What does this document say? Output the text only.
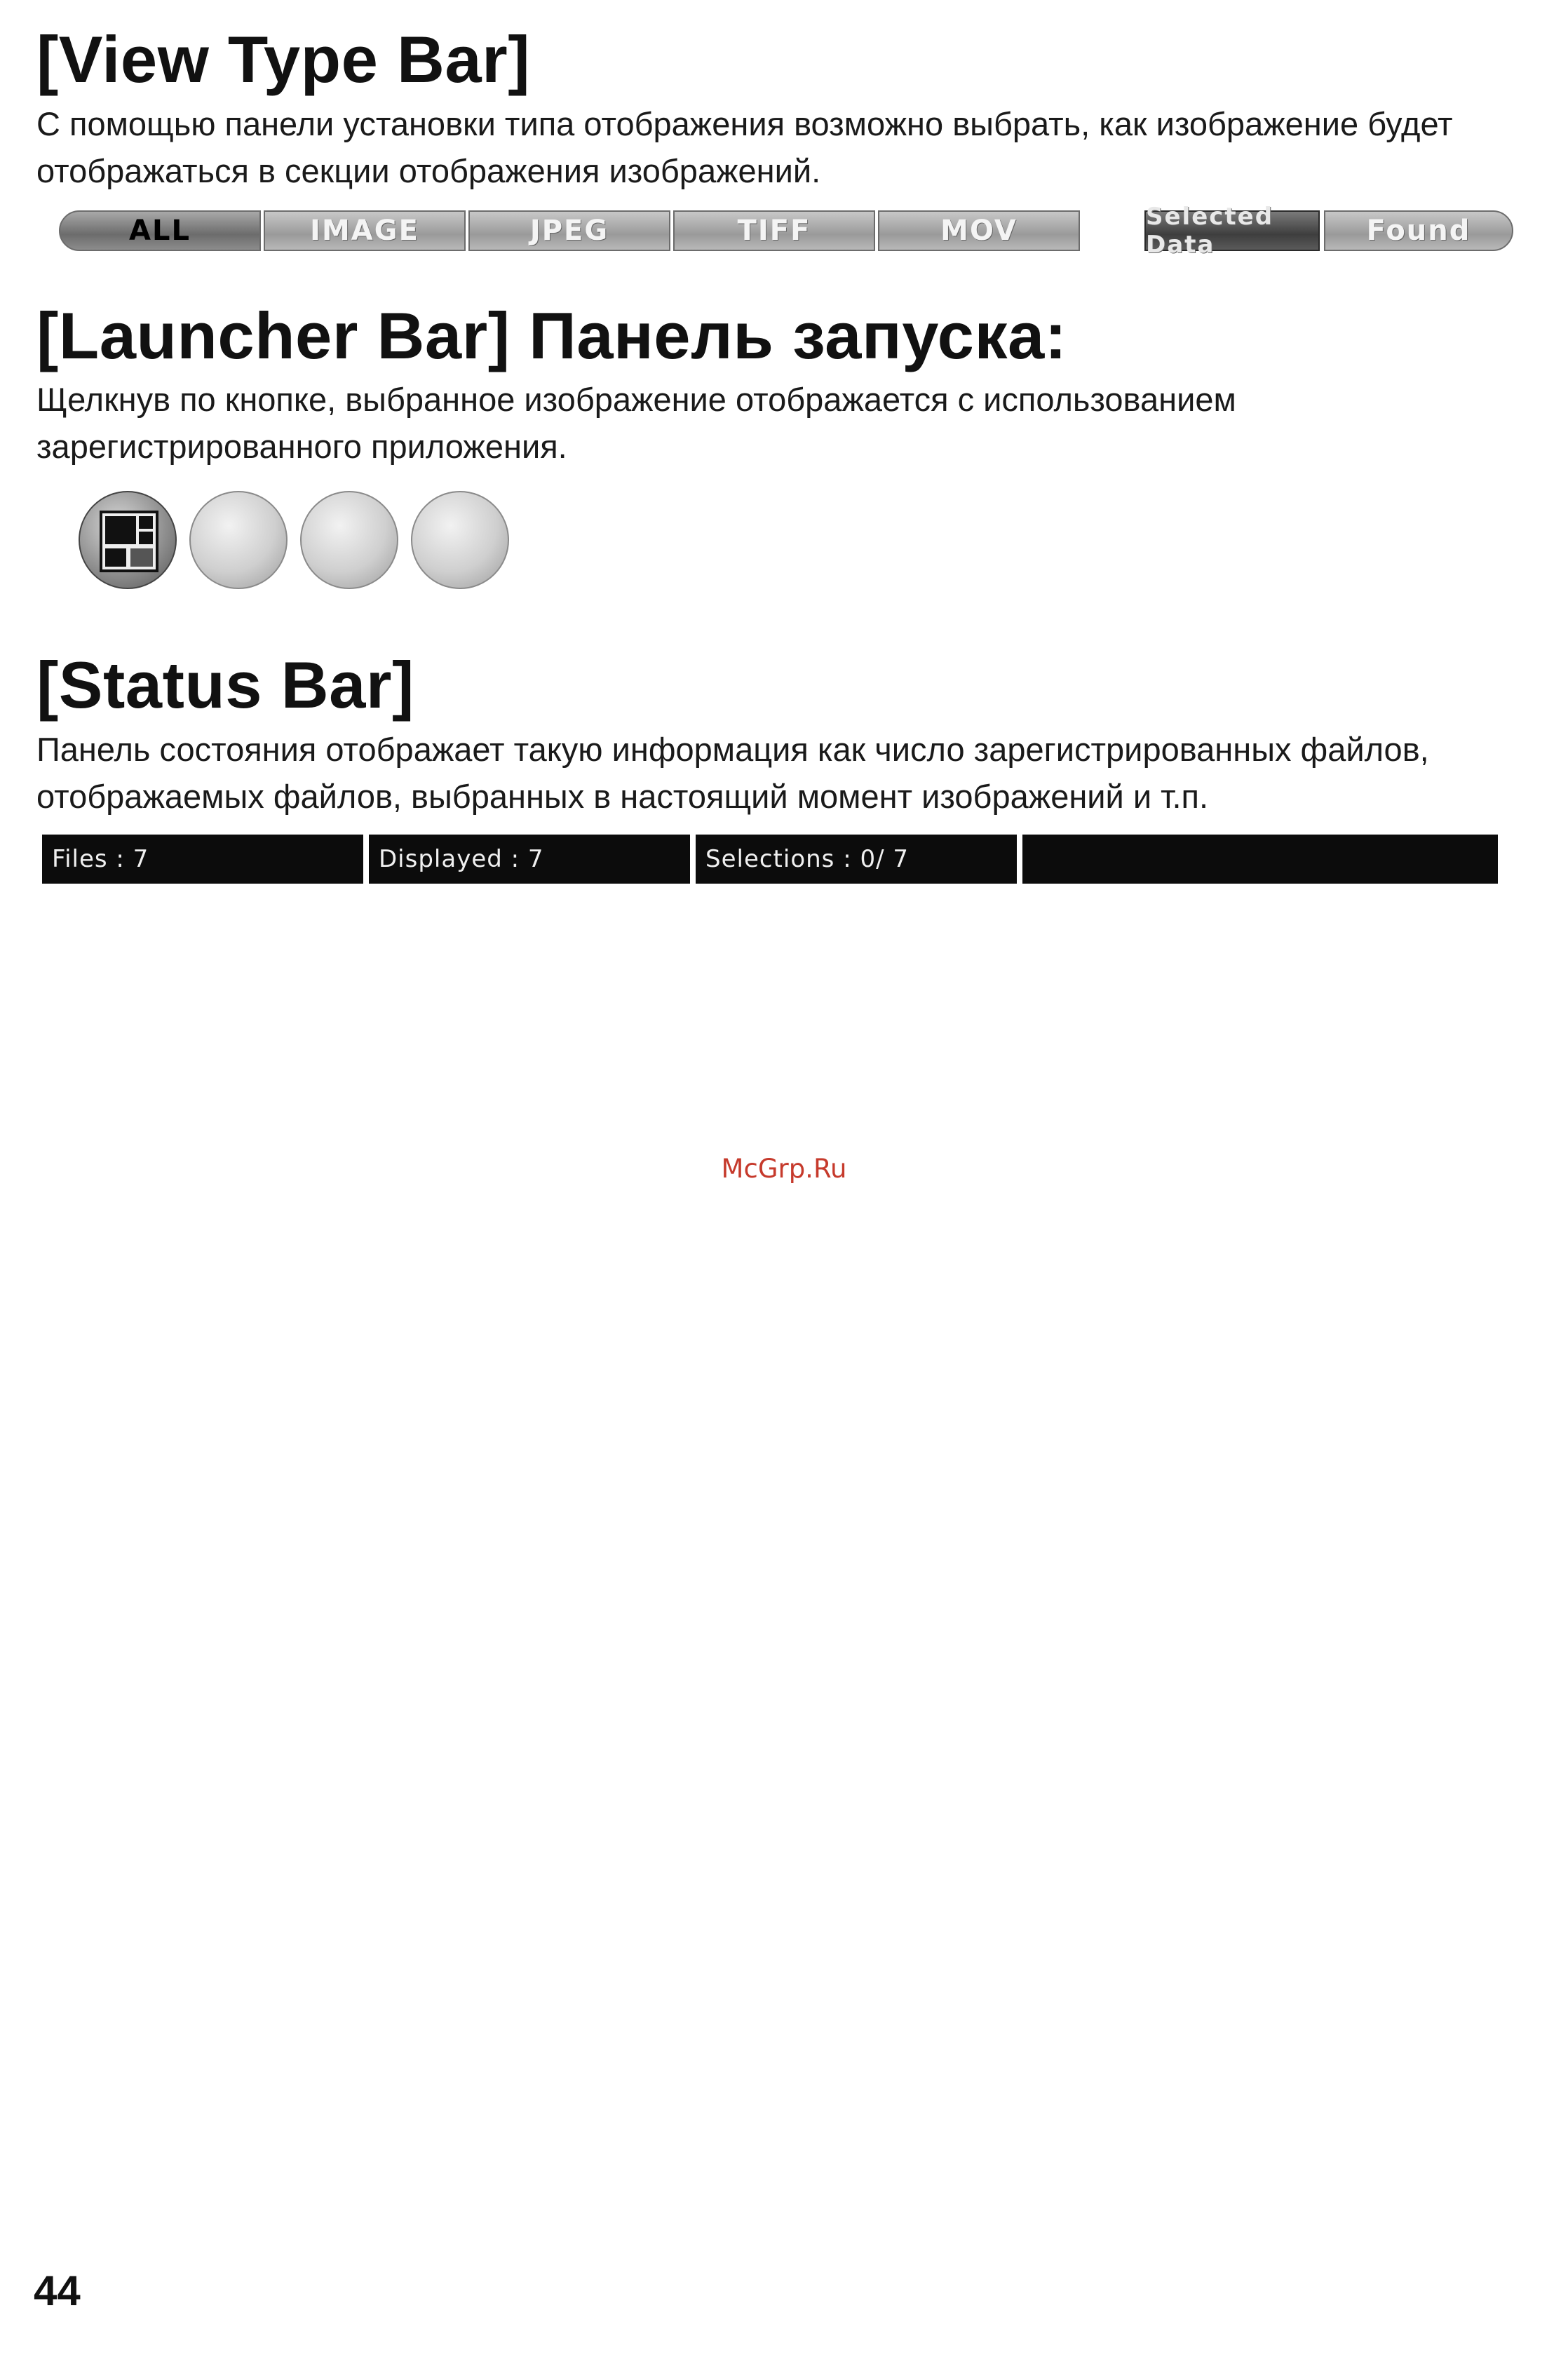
[View Type Bar]

С помощью панели установки типа отображения возможно выбрать, как изображение будет отображаться в секции отображения изображений.

ALL	IMAGE	JPEG	TIFF	MOV	Selected Data	Found
[Launcher Bar] Панель запуска:

Щелкнув по кнопке, выбранное изображение отображается с использованием зарегистрированного приложения.

[Status Bar]

Панель состояния отображает такую информация как число зарегистрированных файлов, отображаемых файлов, выбранных в настоящий момент изображений и т.п.

Files : 7	Displayed : 7	Selections : 0/ 7
McGrp.Ru
44
